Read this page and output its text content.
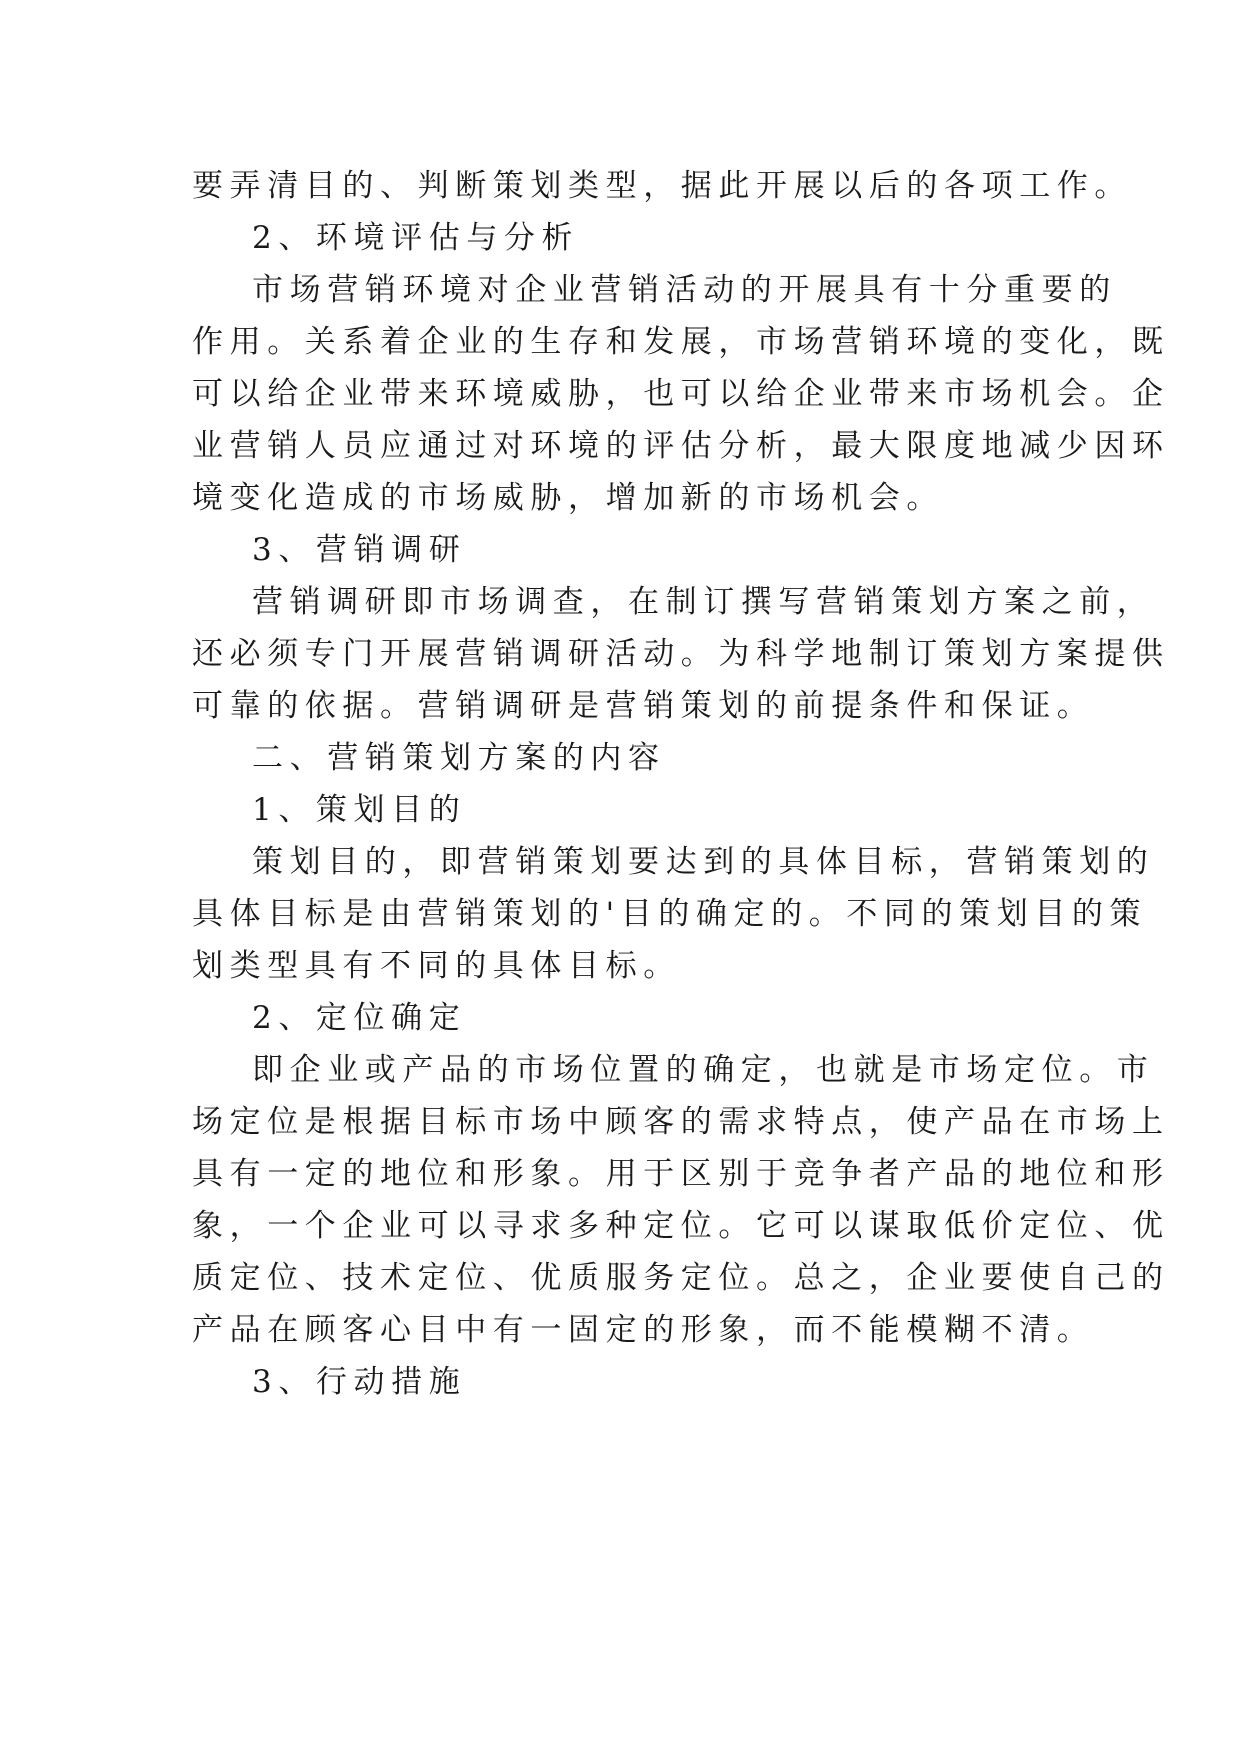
要弄清目的、判断策划类型，据此开展以后的各项工作。
2、环境评估与分析
市场营销环境对企业营销活动的开展具有十分重要的
作用。关系着企业的生存和发展，市场营销环境的变化，既
可以给企业带来环境威胁，也可以给企业带来市场机会。企
业营销人员应通过对环境的评估分析，最大限度地减少因环
境变化造成的市场威胁，增加新的市场机会。
3、营销调研
营销调研即市场调查，在制订撰写营销策划方案之前，
还必须专门开展营销调研活动。为科学地制订策划方案提供
可靠的依据。营销调研是营销策划的前提条件和保证。
二、营销策划方案的内容
1、策划目的
策划目的，即营销策划要达到的具体目标，营销策划的
具体目标是由营销策划的'目的确定的。不同的策划目的策
划类型具有不同的具体目标。
2、定位确定
即企业或产品的市场位置的确定，也就是市场定位。市
场定位是根据目标市场中顾客的需求特点，使产品在市场上
具有一定的地位和形象。用于区别于竞争者产品的地位和形
象，一个企业可以寻求多种定位。它可以谋取低价定位、优
质定位、技术定位、优质服务定位。总之，企业要使自己的
产品在顾客心目中有一固定的形象，而不能模糊不清。
3、行动措施
